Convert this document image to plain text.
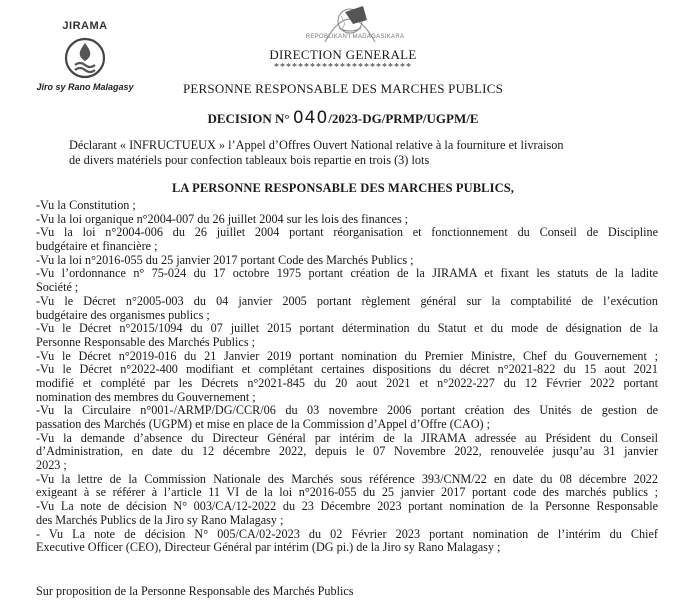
JIRAMA
Jiro sy Rano Malagasy
REPOBLIKAN’I MADAGASIKARA
DIRECTION GENERALE
***********************
PERSONNE RESPONSABLE DES MARCHES PUBLICS
DECISION N° 040/2023-DG/PRMP/UGPM/E
Déclarant « INFRUCTUEUX » l’Appel d’Offres Ouvert National relative à la fourniture et livraison
de divers matériels pour confection tableaux bois repartie en trois (3) lots
LA PERSONNE RESPONSABLE DES MARCHES PUBLICS,
-Vu la Constitution ;
-Vu la loi organique n°2004-007 du 26 juillet 2004 sur les lois des finances ;
-Vu la loi n°2004-006 du 26 juillet 2004 portant réorganisation et fonctionnement du Conseil de Discipline
budgétaire et financière ;
-Vu la loi n°2016-055 du 25 janvier 2017 portant Code des Marchés Publics ;
-Vu l’ordonnance n° 75-024 du 17 octobre 1975 portant création de la JIRAMA et fixant les statuts de la ladite
Société ;
-Vu le Décret n°2005-003 du 04 janvier 2005 portant règlement général sur la comptabilité de l’exécution
budgétaire des organismes publics ;
-Vu le Décret n°2015/1094 du 07 juillet 2015 portant détermination du Statut et du mode de désignation de la
Personne Responsable des Marchés Publics ;
-Vu le Décret n°2019-016 du 21 Janvier 2019 portant nomination du Premier Ministre, Chef du Gouvernement ;
-Vu le Décret n°2022-400 modifiant et complétant certaines dispositions du décret n°2021-822 du 15 aout 2021
modifié et complété par les Décrets n°2021-845 du 20 aout 2021 et n°2022-227 du 12 Février 2022 portant
nomination des membres du Gouvernement ;
-Vu la Circulaire n°001-/ARMP/DG/CCR/06 du 03 novembre 2006 portant création des Unités de gestion de
passation des Marchés (UGPM) et mise en place de la Commission d’Appel d’Offre (CAO) ;
-Vu la demande d’absence du Directeur Général par intérim de la JIRAMA adressée au Président du Conseil
d’Administration, en date du 12 décembre 2022, depuis le 07 Novembre 2022, renouvelée jusqu’au 31 janvier
2023 ;
-Vu la lettre de la Commission Nationale des Marchés sous référence 393/CNM/22 en date du 08 décembre 2022
exigeant à se référer à l’article 11 VI de la loi n°2016-055 du 25 janvier 2017 portant code des marchés publics ;
-Vu La note de décision N° 003/CA/12-2022 du 23 Décembre 2023 portant nomination de la Personne Responsable
des Marchés Publics de la Jiro sy Rano Malagasy ;
- Vu La note de décision N° 005/CA/02-2023 du 02 Février 2023 portant nomination de l’intérim du Chief
Executive Officer (CEO), Directeur Général par intérim (DG pi.) de la Jiro sy Rano Malagasy ;
Sur proposition de la Personne Responsable des Marchés Publics
